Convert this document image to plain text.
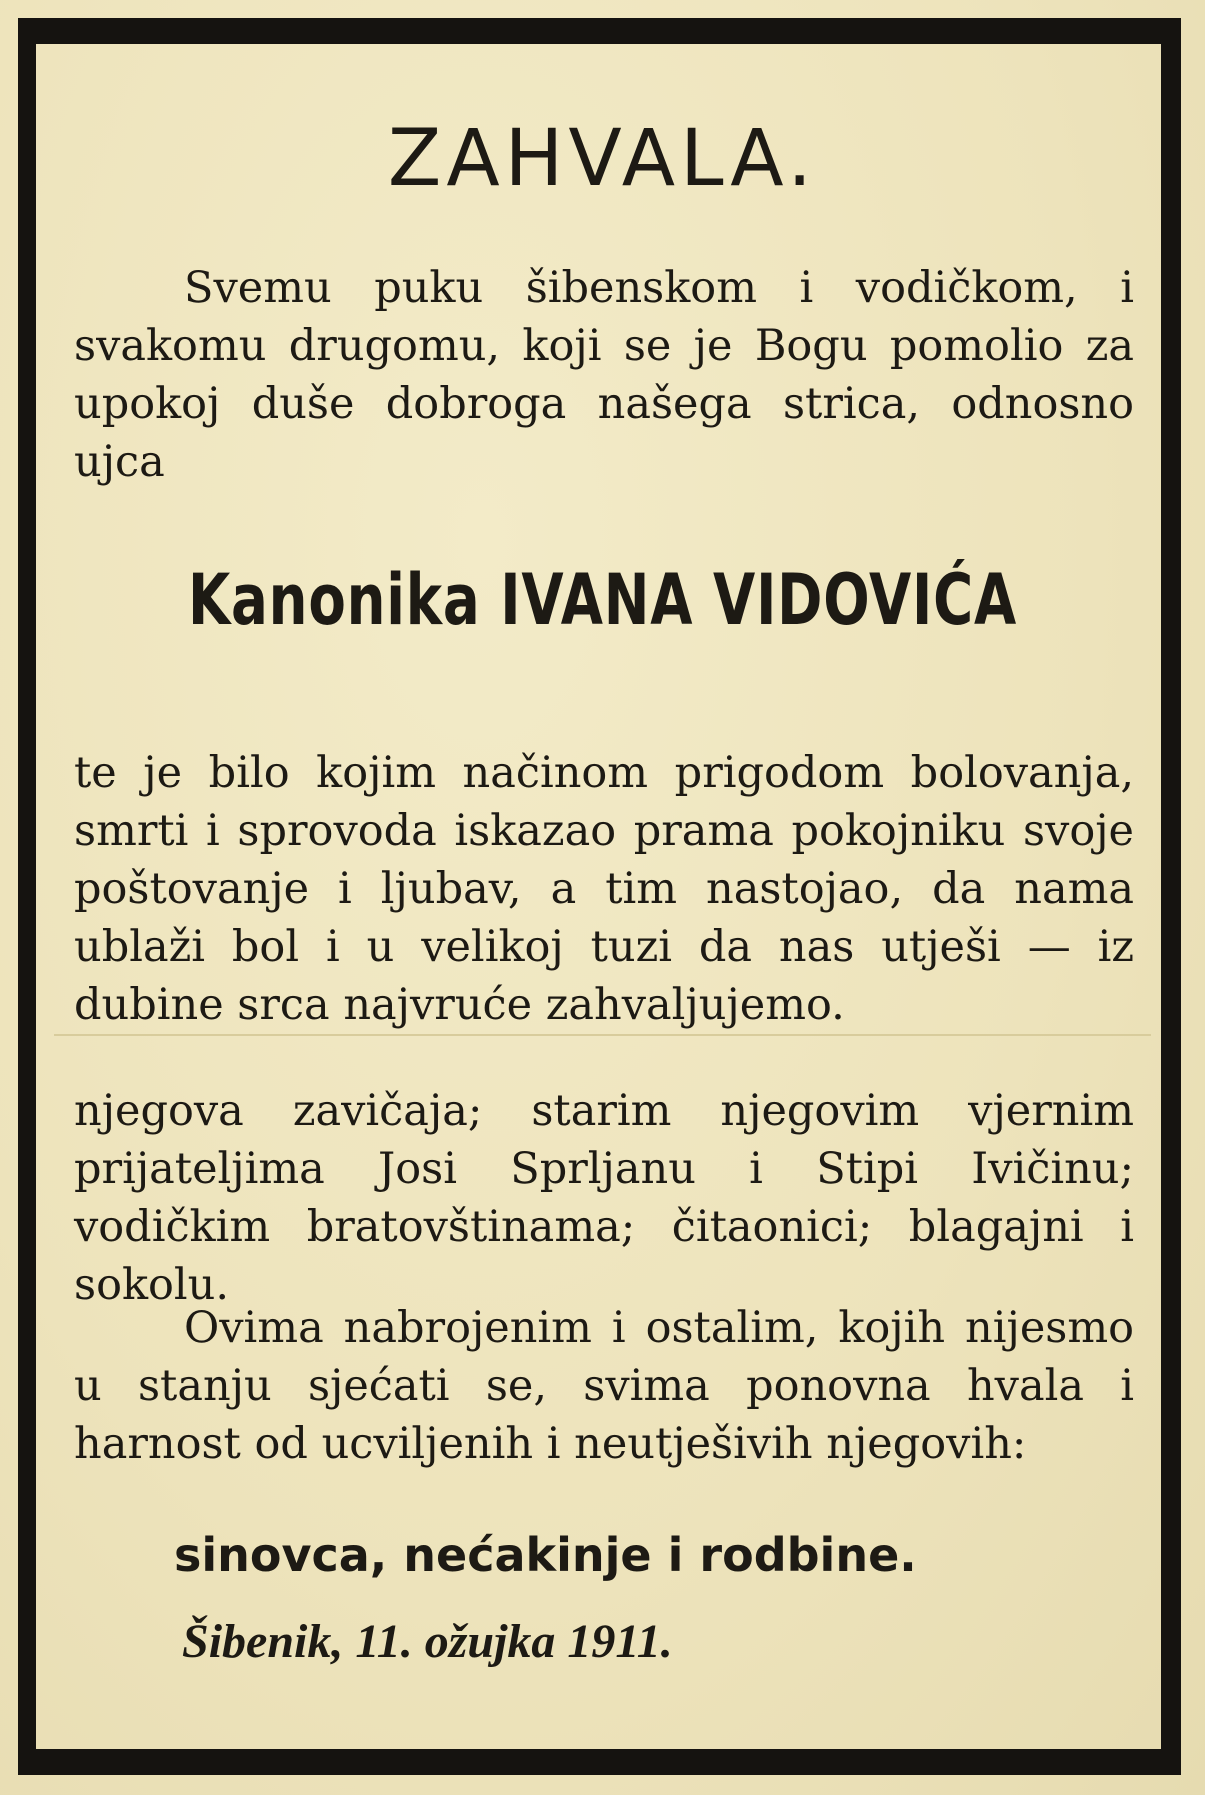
ZAHVALA.

Svemu puku šibenskom i vodičkom, i svakomu drugomu, koji se je Bogu pomolio za upokoj duše dobroga našega strica, odnosno ujca

Kanonika IVANA VIDOVIĆA

te je bilo kojim načinom prigodom bolovanja, smrti i sprovoda iskazao prama pokojniku svoje poštovanje i ljubav, a tim nastojao, da nama ublaži bol i u velikoj tuzi da nas utješi — iz dubine srca najvruće zahvaljujemo.

njegova zavičaja; starim njegovim vjernim prijateljima Josi Sprljanu i Stipi Ivičinu; vodičkim bratovštinama; čitaonici; blagajni i sokolu.

Ovima nabrojenim i ostalim, kojih nijesmo u stanju sjećati se, svima ponovna hvala i harnost od ucviljenih i neutješivih njegovih:

sinovca, nećakinje i rodbine.
Šibenik, 11. ožujka 1911.
